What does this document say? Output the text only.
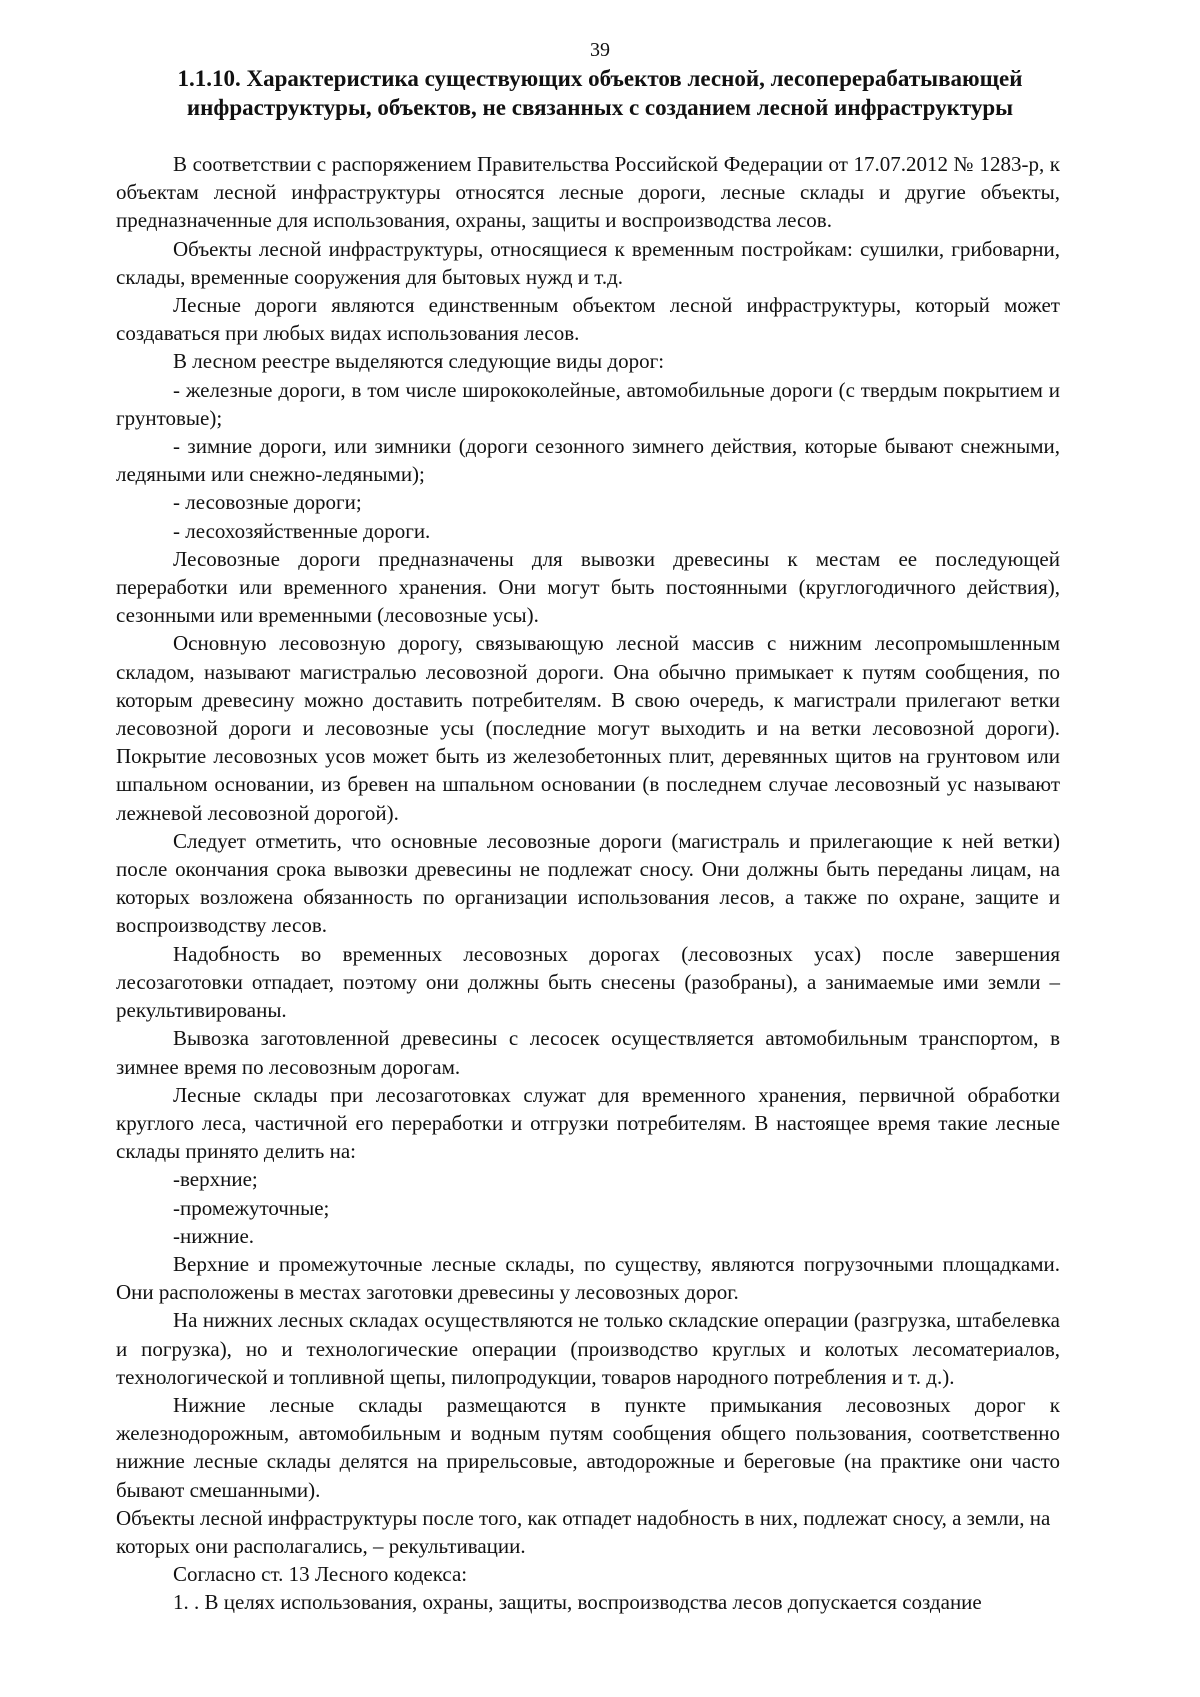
39
1.1.10. Характеристика существующих объектов лесной, лесоперерабатывающей
инфраструктуры, объектов, не связанных с созданием лесной инфраструктуры

В соответствии с распоряжением Правительства Российской Федерации от 17.07.2012 № 1283-р, к объектам лесной инфраструктуры относятся лесные дороги, лесные склады и другие объекты, предназначенные для использования, охраны, защиты и воспроизводства лесов.

Объекты лесной инфраструктуры, относящиеся к временным постройкам: сушилки, грибоварни, склады, временные сооружения для бытовых нужд и т.д.

Лесные дороги являются единственным объектом лесной инфраструктуры, который может создаваться при любых видах использования лесов.

В лесном реестре выделяются следующие виды дорог:

- железные дороги, в том числе ширококолейные, автомобильные дороги (с твердым покрытием и грунтовые);

- зимние дороги, или зимники (дороги сезонного зимнего действия, которые бывают снежными, ледяными или снежно-ледяными);

- лесовозные дороги;

- лесохозяйственные дороги.

Лесовозные дороги предназначены для вывозки древесины к местам ее последующей переработки или временного хранения. Они могут быть постоянными (круглогодичного действия), сезонными или временными (лесовозные усы).

Основную лесовозную дорогу, связывающую лесной массив с нижним лесопромышленным складом, называют магистралью лесовозной дороги. Она обычно примыкает к путям сообщения, по которым древесину можно доставить потребителям. В свою очередь, к магистрали прилегают ветки лесовозной дороги и лесовозные усы (последние могут выходить и на ветки лесовозной дороги). Покрытие лесовозных усов может быть из железобетонных плит, деревянных щитов на грунтовом или шпальном основании, из бревен на шпальном основании (в последнем случае лесовозный ус называют лежневой лесовозной дорогой).

Следует отметить, что основные лесовозные дороги (магистраль и прилегающие к ней ветки) после окончания срока вывозки древесины не подлежат сносу. Они должны быть переданы лицам, на которых возложена обязанность по организации использования лесов, а также по охране, защите и воспроизводству лесов.

Надобность во временных лесовозных дорогах (лесовозных усах) после завершения лесозаготовки отпадает, поэтому они должны быть снесены (разобраны), а занимаемые ими земли – рекультивированы.

Вывозка заготовленной древесины с лесосек осуществляется автомобильным транспортом, в зимнее время по лесовозным дорогам.

Лесные склады при лесозаготовках служат для временного хранения, первичной обработки круглого леса, частичной его переработки и отгрузки потребителям. В настоящее время такие лесные склады принято делить на:

-верхние;

-промежуточные;

-нижние.

Верхние и промежуточные лесные склады, по существу, являются погрузочными площадками. Они расположены в местах заготовки древесины у лесовозных дорог.

На нижних лесных складах осуществляются не только складские операции (разгрузка, штабелевка и погрузка), но и технологические операции (производство круглых и колотых лесоматериалов, технологической и топливной щепы, пилопродукции, товаров народного потребления и т. д.).

Нижние лесные склады размещаются в пункте примыкания лесовозных дорог к железнодорожным, автомобильным и водным путям сообщения общего пользования, соответственно нижние лесные склады делятся на прирельсовые, автодорожные и береговые (на практике они часто бывают смешанными).

Объекты лесной инфраструктуры после того, как отпадет надобность в них, подлежат сносу, а земли, на которых они располагались, – рекультивации.

Согласно ст. 13 Лесного кодекса:

1. . В целях использования, охраны, защиты, воспроизводства лесов допускается создание
